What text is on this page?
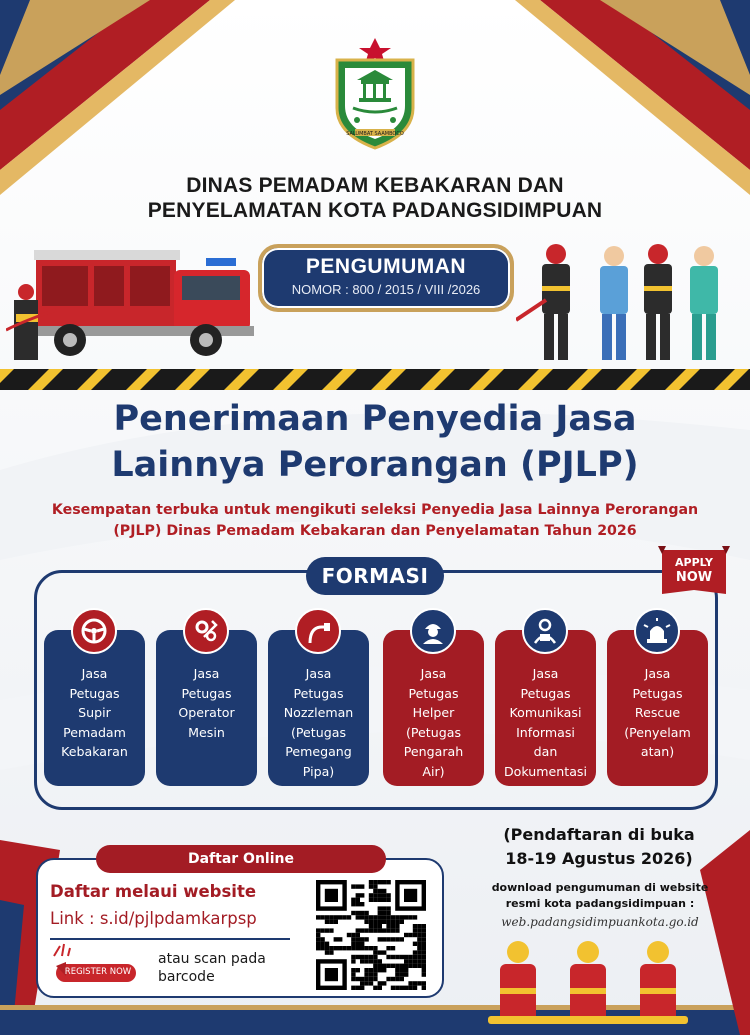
SALUMBAT SAAMBOCO
DINAS PEMADAM KEBAKARAN DAN
PENYELAMATAN KOTA PADANGSIDIMPUAN
PENGUMUMAN
NOMOR : 800 / 2015 / VIII /2026
Penerimaan Penyedia Jasa
Lainnya Perorangan (PJLP)
Kesempatan terbuka untuk mengikuti seleksi Penyedia Jasa Lainnya Perorangan
(PJLP) Dinas Pemadam Kebakaran dan Penyelamatan Tahun 2026
FORMASI
APPLY
NOW
Jasa
Petugas
Supir
Pemadam
Kebakaran
Jasa
Petugas
Operator
Mesin
Jasa
Petugas
Nozzleman
(Petugas
Pemegang
Pipa)
Jasa
Petugas
Helper
(Petugas
Pengarah
Air)
Jasa
Petugas
Komunikasi
Informasi
dan
Dokumentasi
Jasa
Petugas
Rescue
(Penyelam
atan)
Daftar Online
Daftar melaui website
Link : s.id/pjlpdamkarpsp
atau scan pada
barcode
REGISTER NOW
(Pendaftaran di buka
18-19 Agustus 2026)
download pengumuman di website
resmi kota padangsidimpuan :
web.padangsidimpuankota.go.id
